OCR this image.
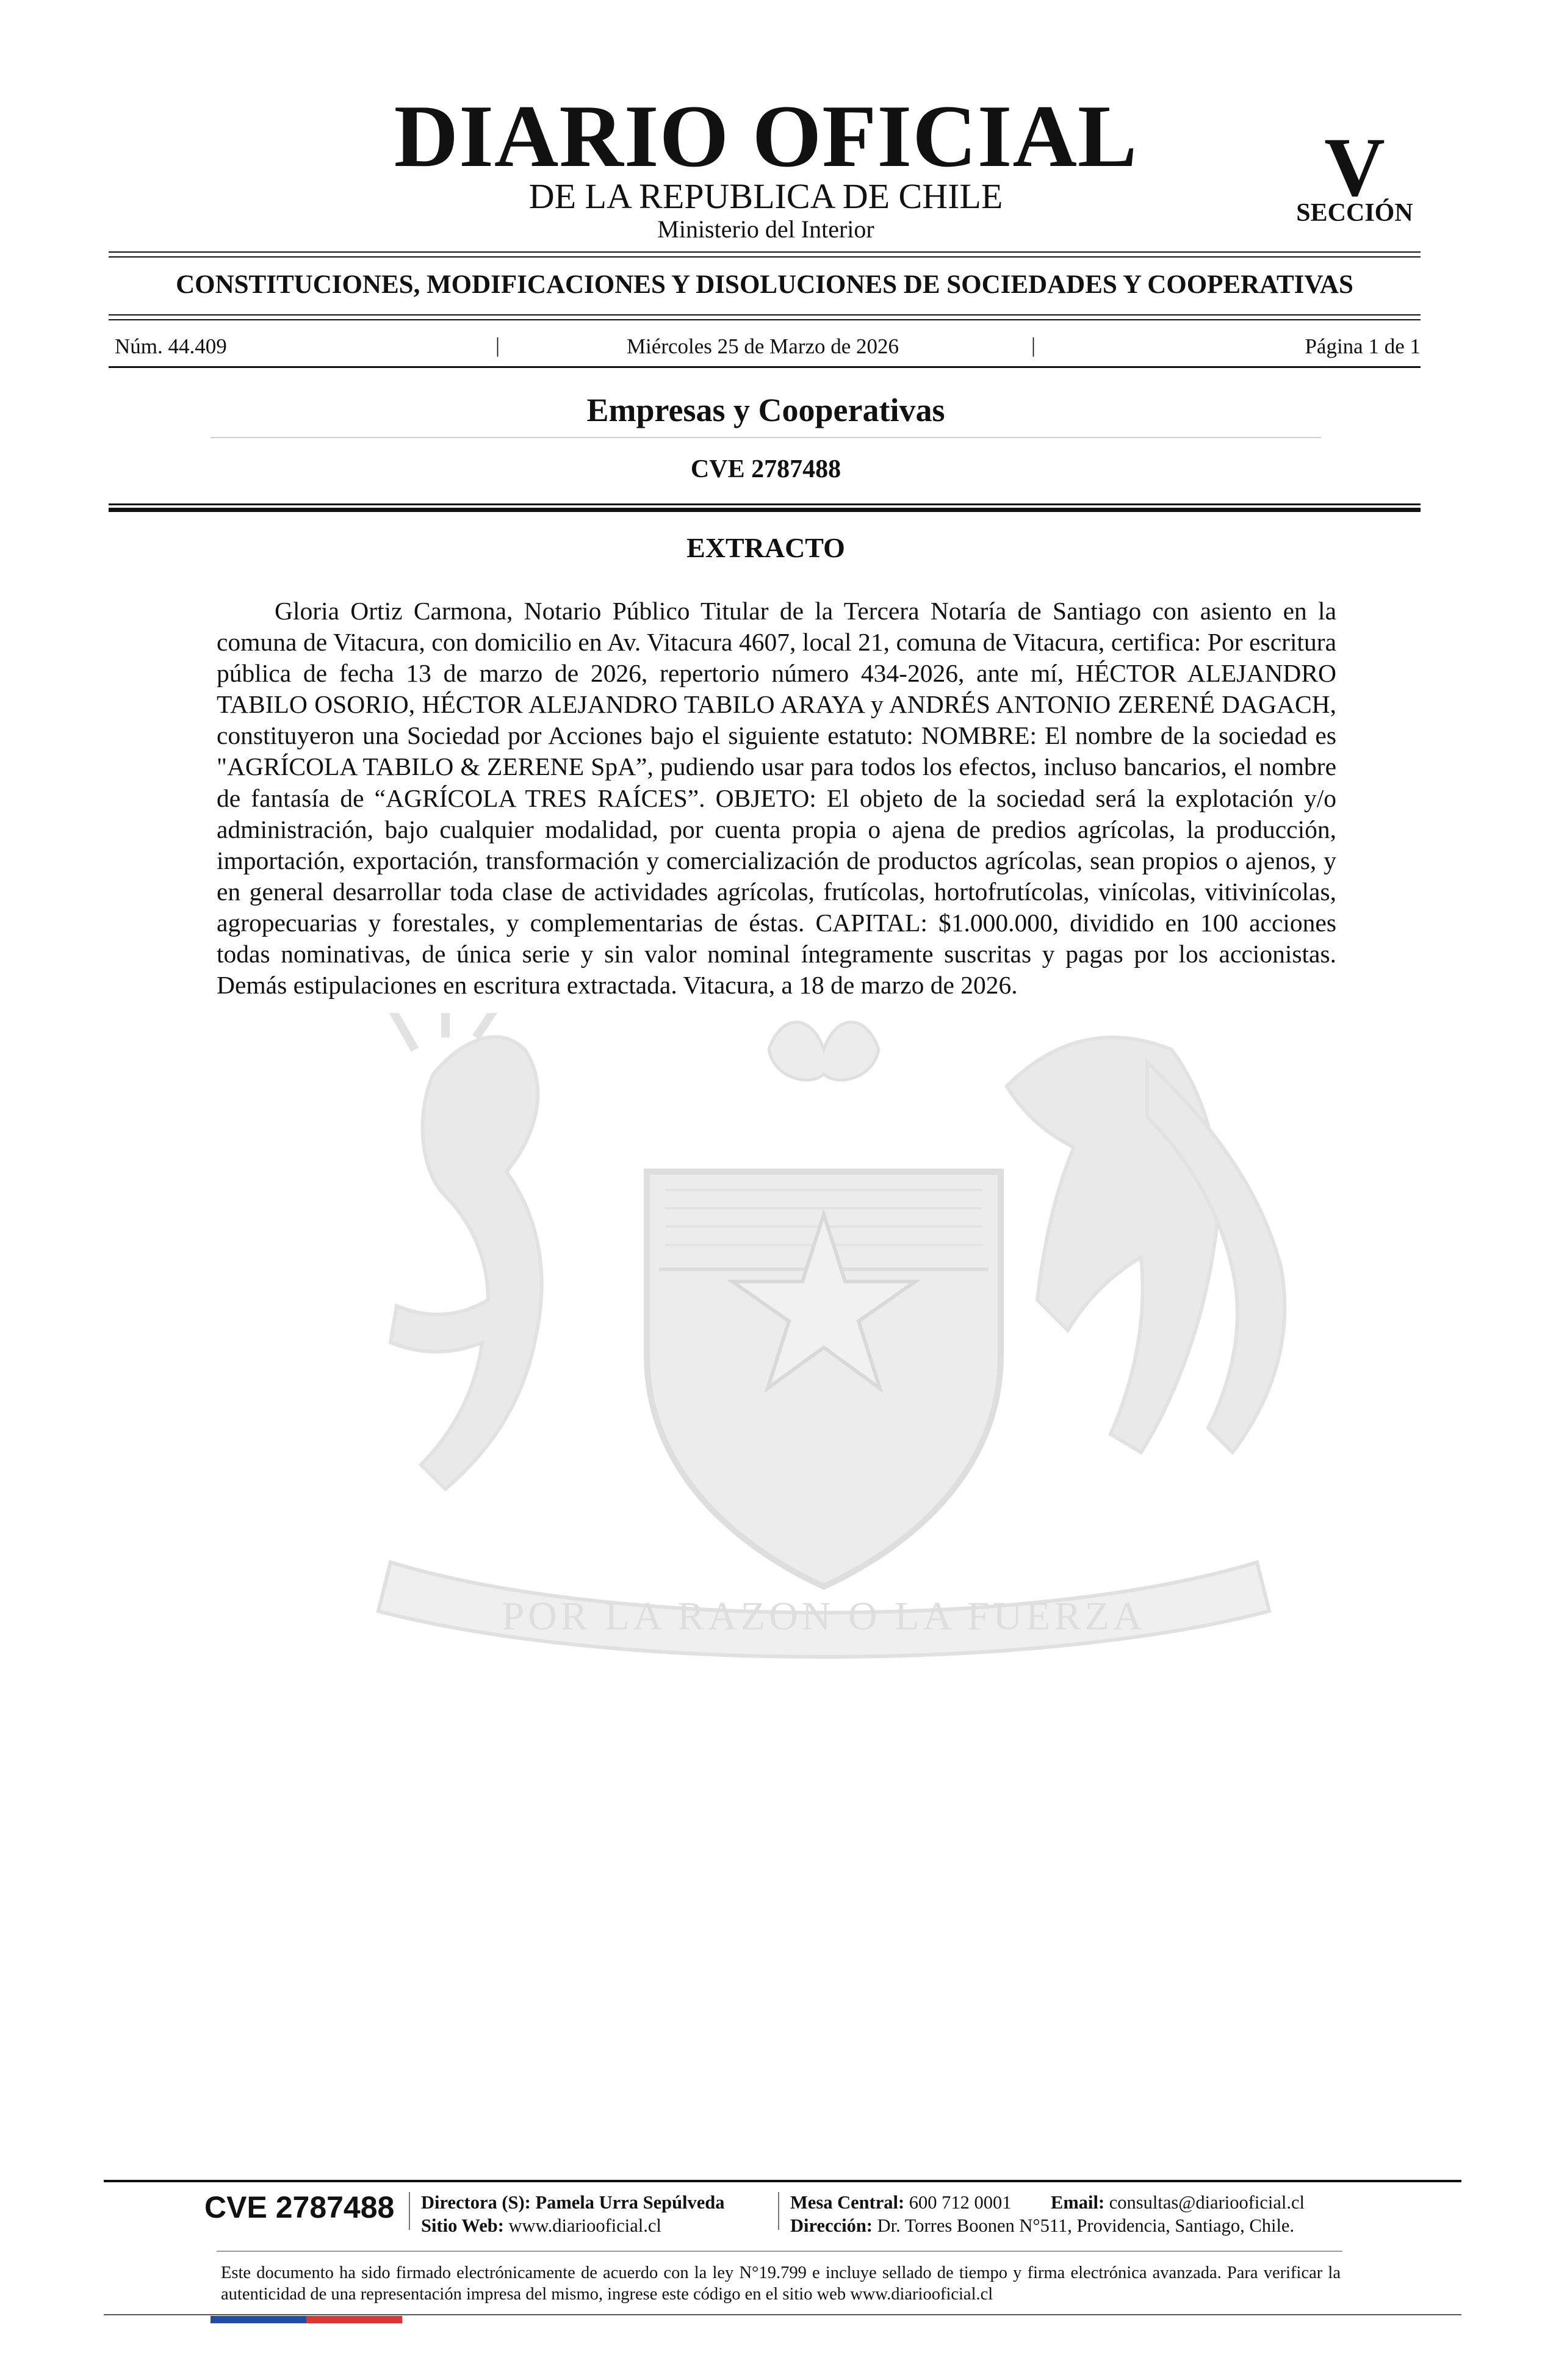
DIARIO OFICIAL
DE LA REPUBLICA DE CHILE
Ministerio del Interior
V
SECCIÓN
CONSTITUCIONES, MODIFICACIONES Y DISOLUCIONES DE SOCIEDADES Y COOPERATIVAS
Núm. 44.409	|	Miércoles 25 de Marzo de 2026	|	Página 1 de 1
Empresas y Cooperativas
CVE 2787488
POR LA RAZON O LA FUERZA
EXTRACTO
Gloria Ortiz Carmona, Notario Público Titular de la Tercera Notaría de Santiago con asiento en la comuna de Vitacura, con domicilio en Av. Vitacura 4607, local 21, comuna de Vitacura, certifica: Por escritura pública de fecha 13 de marzo de 2026, repertorio número 434-2026, ante mí, HÉCTOR ALEJANDRO TABILO OSORIO, HÉCTOR ALEJANDRO TABILO ARAYA y ANDRÉS ANTONIO ZERENÉ DAGACH, constituyeron una Sociedad por Acciones bajo el siguiente estatuto: NOMBRE: El nombre de la sociedad es "AGRÍCOLA TABILO & ZERENE SpA”, pudiendo usar para todos los efectos, incluso bancarios, el nombre de fantasía de “AGRÍCOLA TRES RAÍCES”. OBJETO: El objeto de la sociedad será la explotación y/o administración, bajo cualquier modalidad, por cuenta propia o ajena de predios agrícolas, la producción, importación, exportación, transformación y comercialización de productos agrícolas, sean propios o ajenos, y en general desarrollar toda clase de actividades agrícolas, frutícolas, hortofrutícolas, vinícolas, vitivinícolas, agropecuarias y forestales, y complementarias de éstas. CAPITAL: $1.000.000, dividido en 100 acciones todas nominativas, de única serie y sin valor nominal íntegramente suscritas y pagas por los accionistas. Demás estipulaciones en escritura extractada. Vitacura, a 18 de marzo de 2026.
CVE 2787488 Directora (S): Pamela Urra Sepúlveda
Sitio Web: www.diariooficial.cl
Mesa Central: 600 712 0001 Email: consultas@diariooficial.cl
Dirección: Dr. Torres Boonen N°511, Providencia, Santiago, Chile.
Este documento ha sido firmado electrónicamente de acuerdo con la ley N°19.799 e incluye sellado de tiempo y firma electrónica avanzada. Para verificar la autenticidad de una representación impresa del mismo, ingrese este código en el sitio web www.diariooficial.cl
